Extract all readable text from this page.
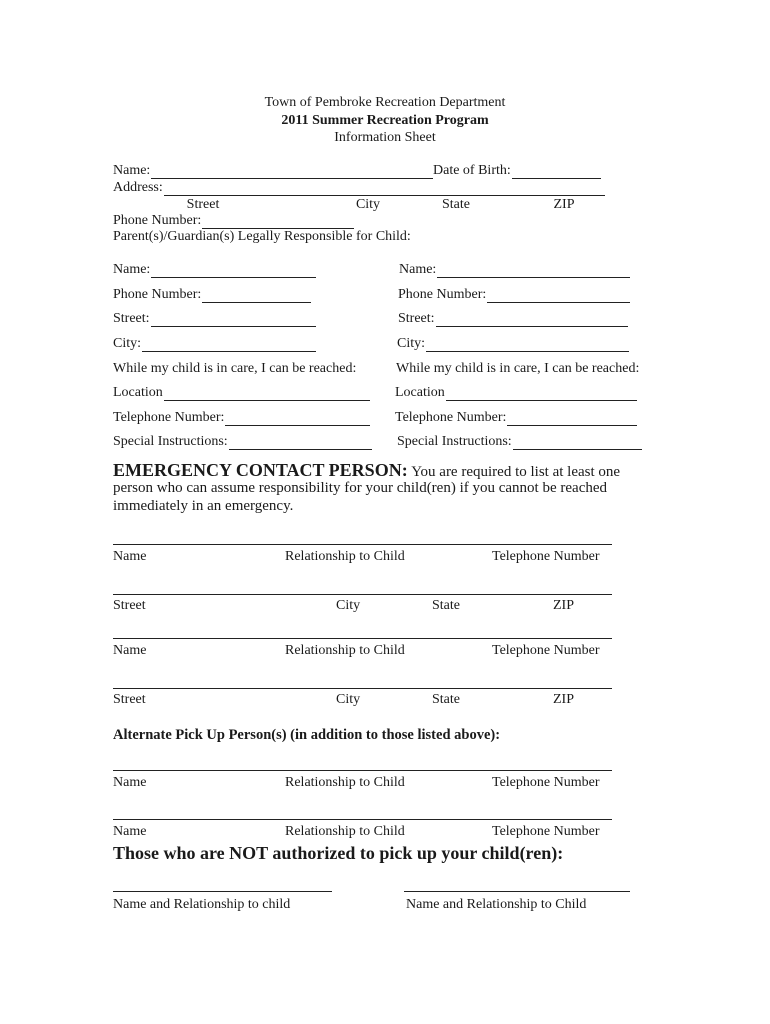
Town of Pembroke Recreation Department
2011 Summer Recreation Program
Information Sheet
Name:	Date of Birth:
Address:
Street	City	State	ZIP
Phone Number:
Parent(s)/Guardian(s) Legally Responsible for Child:
Name:	Name:
Phone Number:	Phone Number:
Street:	Street:
City:	City:
While my child is in care, I can be reached:	While my child is in care, I can be reached:
Location	Location
Telephone Number:	Telephone Number:
Special Instructions:	Special Instructions:
EMERGENCY CONTACT PERSON: You are required to list at least one
person who can assume responsibility for your child(ren) if you cannot be reached
immediately in an emergency.
Name	Relationship to Child	Telephone Number
Street	City	State	ZIP
Name	Relationship to Child	Telephone Number
Street	City	State	ZIP
Alternate Pick Up Person(s) (in addition to those listed above):
Name	Relationship to Child	Telephone Number
Name	Relationship to Child	Telephone Number
Those who are NOT authorized to pick up your child(ren):
Name and Relationship to child	Name and Relationship to Child
